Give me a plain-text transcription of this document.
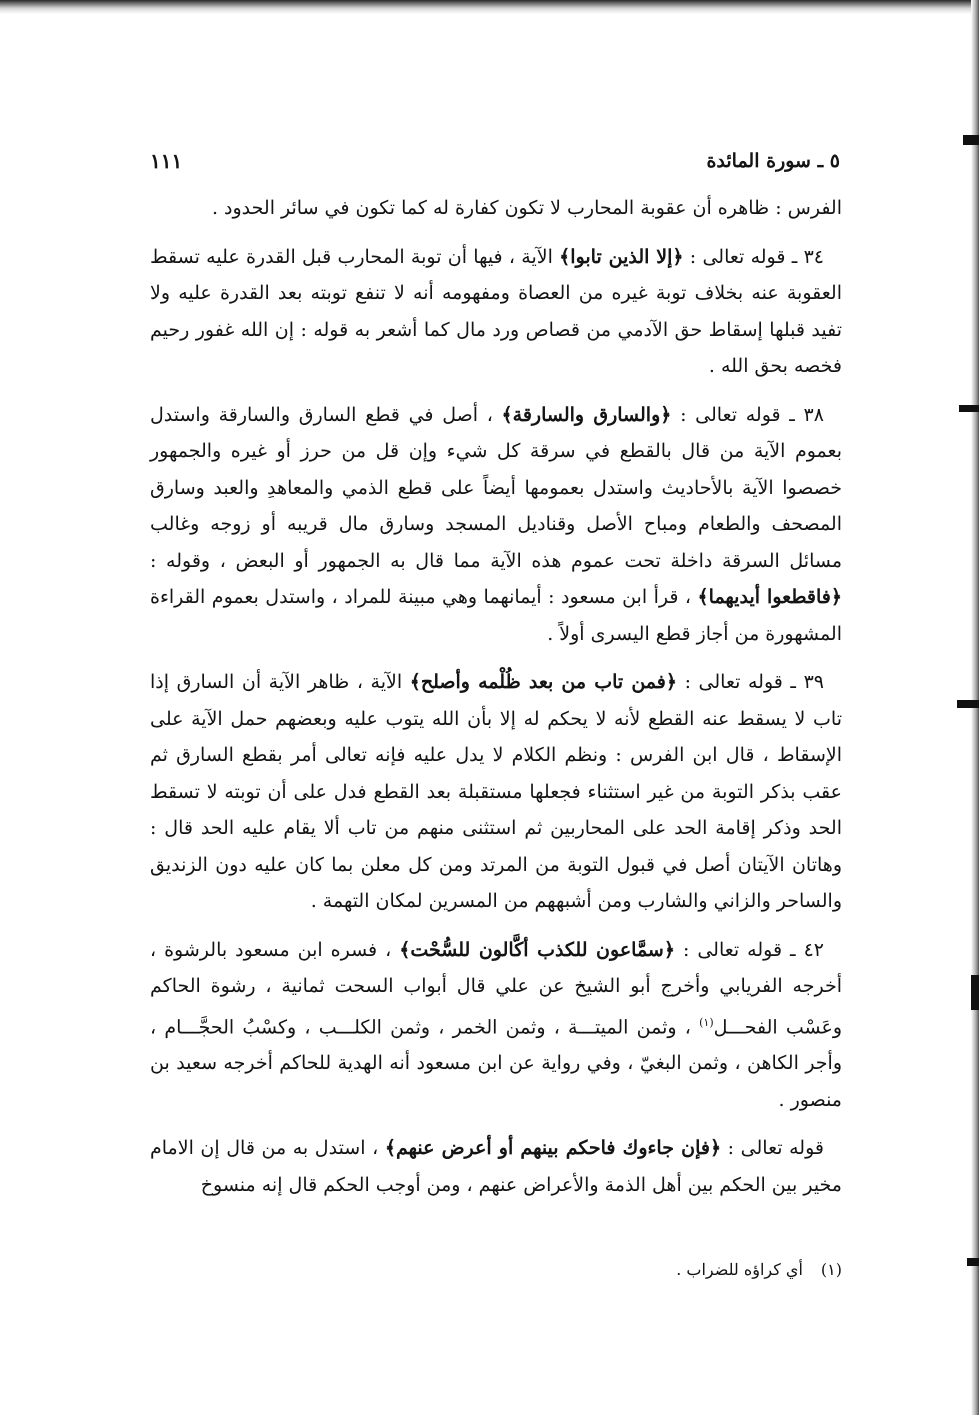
٥ ـ سورة المائدة
١١١

الفرس : ظاهره أن عقوبة المحارب لا تكون كفارة له كما تكون في سائر الحدود .

٣٤ ـ قوله تعالى : ﴿إلا الذين تابوا﴾ الآية ، فيها أن توبة المحارب قبل القدرة عليه تسقط العقوبة عنه بخلاف توبة غيره من العصاة ومفهومه أنه لا تنفع توبته بعد القدرة عليه ولا تفيد قبلها إسقاط حق الآدمي من قصاص ورد مال كما أشعر به قوله : إن الله غفور رحيم فخصه بحق الله .

٣٨ ـ قوله تعالى : ﴿والسارق والسارقة﴾ ، أصل في قطع السارق والسارقة واستدل بعموم الآية من قال بالقطع في سرقة كل شيء وإن قل من حرز أو غيره والجمهور خصصوا الآية بالأحاديث واستدل بعمومها أيضاً على قطع الذمي والمعاهدِ والعبد وسارق المصحف والطعام ومباح الأصل وقناديل المسجد وسارق مال قريبه أو زوجه وغالب مسائل السرقة داخلة تحت عموم هذه الآية مما قال به الجمهور أو البعض ، وقوله : ﴿فاقطعوا أيديهما﴾ ، قرأ ابن مسعود : أيمانهما وهي مبينة للمراد ، واستدل بعموم القراءة المشهورة من أجاز قطع اليسرى أولاً .

٣٩ ـ قوله تعالى : ﴿فمن تاب من بعد ظُلْمه وأصلح﴾ الآية ، ظاهر الآية أن السارق إذا تاب لا يسقط عنه القطع لأنه لا يحكم له إلا بأن الله يتوب عليه وبعضهم حمل الآية على الإسقاط ، قال ابن الفرس : ونظم الكلام لا يدل عليه فإنه تعالى أمر بقطع السارق ثم عقب بذكر التوبة من غير استثناء فجعلها مستقبلة بعد القطع فدل على أن توبته لا تسقط الحد وذكر إقامة الحد على المحاربين ثم استثنى منهم من تاب ألا يقام عليه الحد قال : وهاتان الآيتان أصل في قبول التوبة من المرتد ومن كل معلن بما كان عليه دون الزنديق والساحر والزاني والشارب ومن أشبههم من المسرين لمكان التهمة .

٤٢ ـ قوله تعالى : ﴿سمَّاعون للكذب أكَّالون للسُّحْت﴾ ، فسره ابن مسعود بالرشوة ، أخرجه الفريابي وأخرج أبو الشيخ عن علي قال أبواب السحت ثمانية ، رشوة الحاكم وعَسْب الفحـــل$^{(١)}$ ، وثمن الميتـــة ، وثمن الخمر ، وثمن الكلـــب ، وكسْبُ الحجَّـــام ، وأجر الكاهن ، وثمن البغيّ ، وفي رواية عن ابن مسعود أنه الهدية للحاكم أخرجه سعيد بن منصور .

قوله تعالى : ﴿فإن جاءوك فاحكم بينهم أو أعرض عنهم﴾ ، استدل به من قال إن الامام مخير بين الحكم بين أهل الذمة والأعراض عنهم ، ومن أوجب الحكم قال إنه منسوخ

(١)
أي كراؤه للضراب .
